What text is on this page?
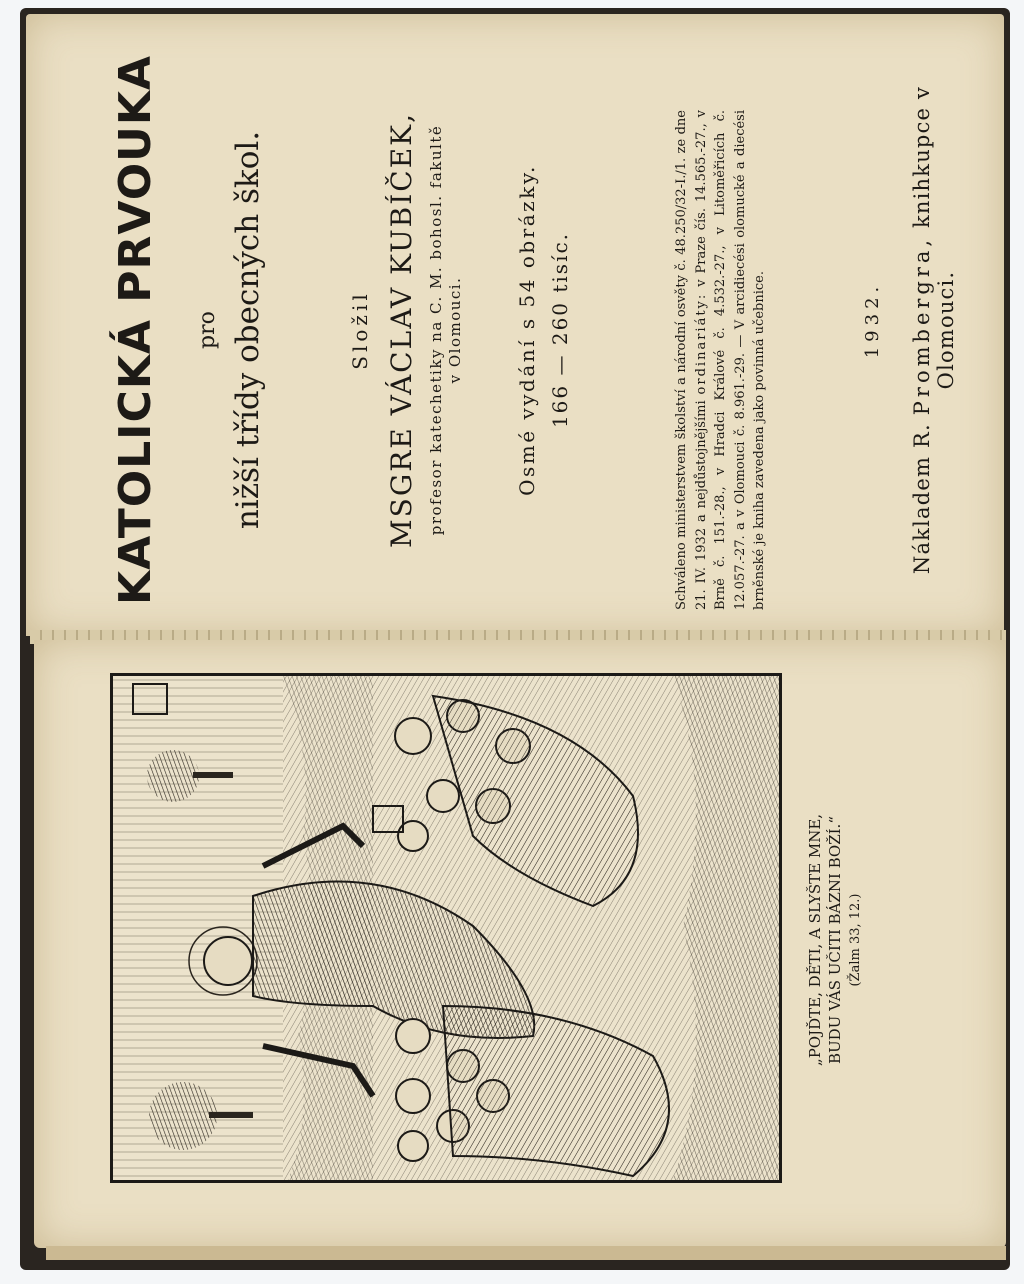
KATOLICKÁ PRVOUKA pro nižší třídy obecných škol.	Složil MSGRE VÁCLAV KUBÍČEK, profesor katechetiky na C. M. bohosl. fakultě v Olomouci.	Osmé vydání s 54 obrázky. 166 — 260 tisíc.	Schváleno ministerstvem školství a národní osvěty č. 48.250/32-I./1. ze dne 21. IV. 1932 a nejdůstojnějšími ordinariáty: v Praze čís. 14.565.-27., v Brně č. 151.-28., v Hradci Králové č. 4.532.-27., v Litoměřicích č. 12.057.-27. a v Olomouci č. 8.961.-29. — V arcidiecési olomucké a diecési brněnské je kniha zavedena jako povinná učebnice.	1932.
Nákladem R. Prombergra, knihkupce v Olomouci.
„POJĎTE, DĚTI, A SLYŠTE MNE, BUDU VÁS UČITI BÁZNI BOŽÍ.“ (Žalm 33, 12.)
